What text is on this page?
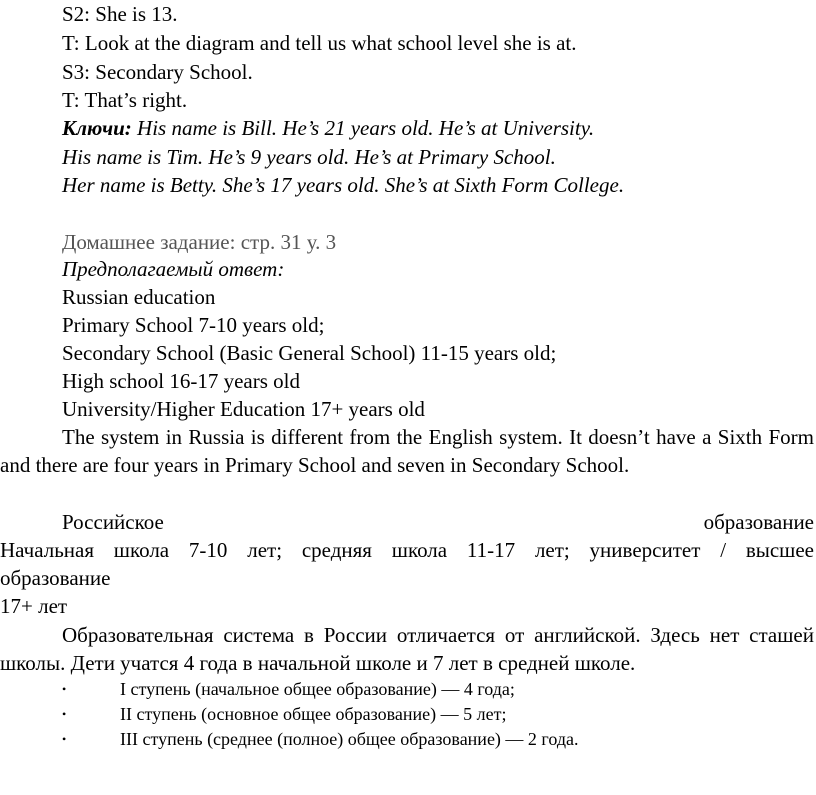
S2: She is 13.
T: Look at the diagram and tell us what school level she is at.
S3: Secondary School.
T: That’s right.
Ключи: His name is Bill. He’s 21 years old. He’s at University.
His name is Tim. He’s 9 years old. He’s at Primary School.
Her name is Betty. She’s 17 years old. She’s at Sixth Form College.
Домашнее задание: стр. 31 у. 3
Предполагаемый ответ:
Russian education
Primary School 7-10 years old;
Secondary School (Basic General School) 11-15 years old;
High school 16-17 years old
University/Higher Education 17+ years old
The system in Russia is different from the English system. It doesn’t have a Sixth Form and there are four years in Primary School and seven in Secondary School.
Российское	образование
Начальная школа 7-10 лет; средняя школа 11-17 лет; университет / высшее
образование
17+ лет
Образовательная система в России отличается от английской. Здесь нет сташей школы. Дети учатся 4 года в начальной школе и 7 лет в средней школе.
•	I ступень (начальное общее образование) — 4 года;
•	II ступень (основное общее образование) — 5 лет;
•	III ступень (среднее (полное) общее образование) — 2 года.
